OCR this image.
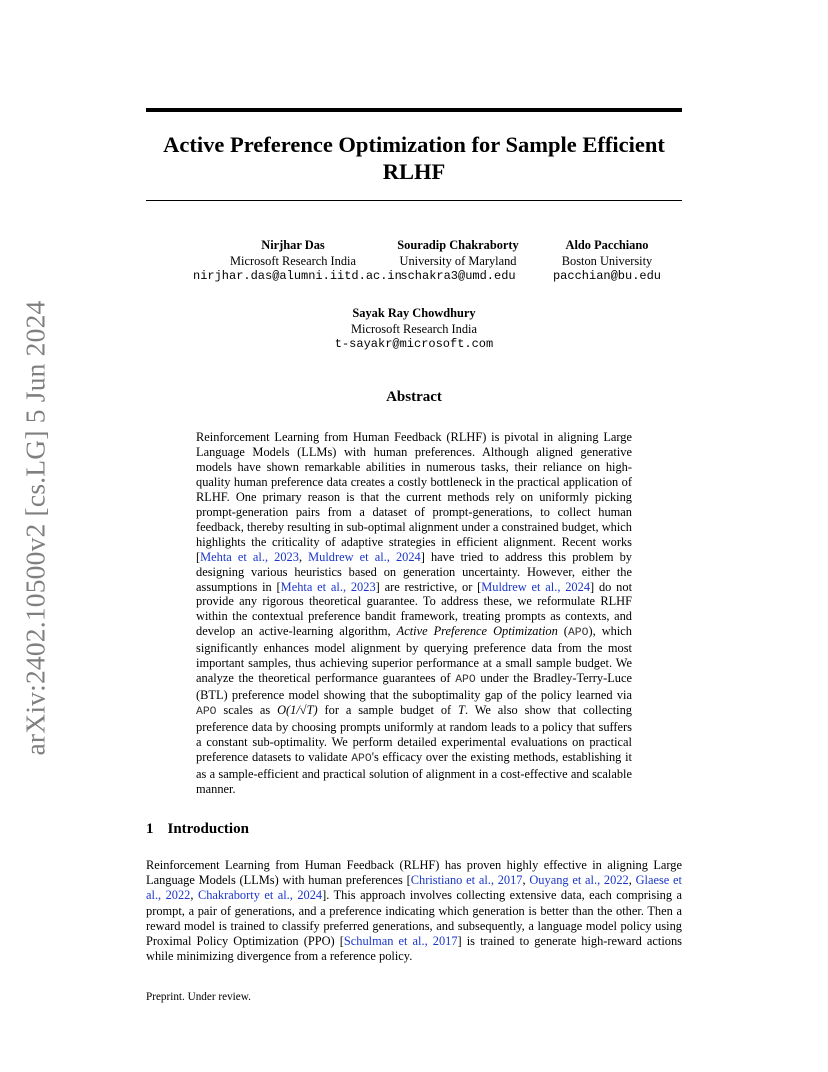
arXiv:2402.10500v2 [cs.LG] 5 Jun 2024
Active Preference Optimization for Sample Efficient RLHF
Nirjhar Das
Microsoft Research India
nirjhar.das@alumni.iitd.ac.in
Souradip Chakraborty
University of Maryland
schakra3@umd.edu
Aldo Pacchiano
Boston University
pacchian@bu.edu
Sayak Ray Chowdhury
Microsoft Research India
t-sayakr@microsoft.com
Abstract
Reinforcement Learning from Human Feedback (RLHF) is pivotal in aligning Large Language Models (LLMs) with human preferences. Although aligned generative models have shown remarkable abilities in numerous tasks, their reliance on high-quality human preference data creates a costly bottleneck in the practical application of RLHF. One primary reason is that the current methods rely on uniformly picking prompt-generation pairs from a dataset of prompt-generations, to collect human feedback, thereby resulting in sub-optimal alignment under a constrained budget, which highlights the criticality of adaptive strategies in efficient alignment. Recent works [Mehta et al., 2023, Muldrew et al., 2024] have tried to address this problem by designing various heuristics based on generation uncertainty. However, either the assumptions in [Mehta et al., 2023] are restrictive, or [Muldrew et al., 2024] do not provide any rigorous theoretical guarantee. To address these, we reformulate RLHF within the contextual preference bandit framework, treating prompts as contexts, and develop an active-learning algorithm, Active Preference Optimization (APO), which significantly enhances model alignment by querying preference data from the most important samples, thus achieving superior performance at a small sample budget. We analyze the theoretical performance guarantees of APO under the Bradley-Terry-Luce (BTL) preference model showing that the suboptimality gap of the policy learned via APO scales as O(1/√T) for a sample budget of T. We also show that collecting preference data by choosing prompts uniformly at random leads to a policy that suffers a constant sub-optimality. We perform detailed experimental evaluations on practical preference datasets to validate APO's efficacy over the existing methods, establishing it as a sample-efficient and practical solution of alignment in a cost-effective and scalable manner.
1 Introduction
Reinforcement Learning from Human Feedback (RLHF) has proven highly effective in aligning Large Language Models (LLMs) with human preferences [Christiano et al., 2017, Ouyang et al., 2022, Glaese et al., 2022, Chakraborty et al., 2024]. This approach involves collecting extensive data, each comprising a prompt, a pair of generations, and a preference indicating which generation is better than the other. Then a reward model is trained to classify preferred generations, and subsequently, a language model policy using Proximal Policy Optimization (PPO) [Schulman et al., 2017] is trained to generate high-reward actions while minimizing divergence from a reference policy.
Preprint. Under review.
